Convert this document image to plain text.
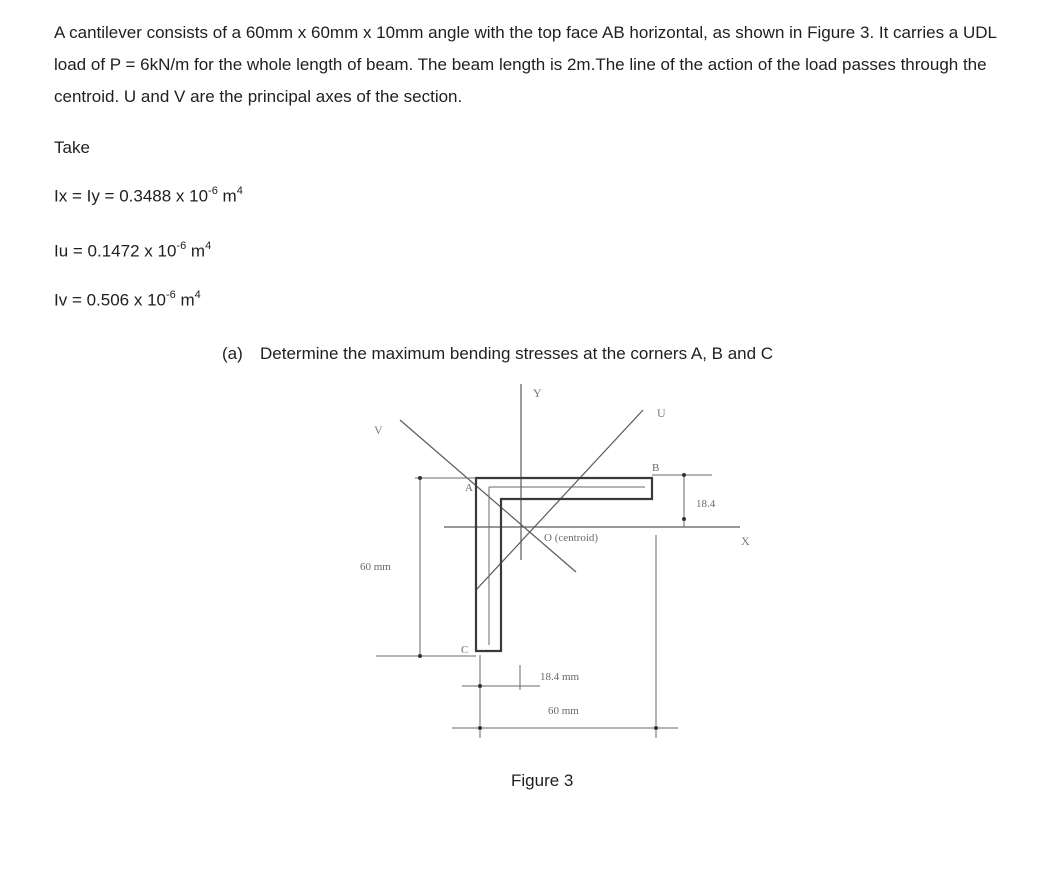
A cantilever consists of a 60mm x 60mm x 10mm angle with the top face AB horizontal, as shown in Figure 3. It carries a UDL load of P = 6kN/m for the whole length of beam. The beam length is 2m.The line of the action of the load passes through the centroid. U and V are the principal axes of the section.

Take

Ix = Iy = 0.3488 x $10^{-6}$ $m^4$
Iu = 0.1472 x $10^{-6}$ $m^4$
Iv = 0.506 x $10^{-6}$ $m^4$
(a) Determine the maximum bending stresses at the corners A, B and C
Y
U
V
X
A
B
C
O (centroid)
60 mm
18.4
18.4 mm
60 mm
Figure 3
